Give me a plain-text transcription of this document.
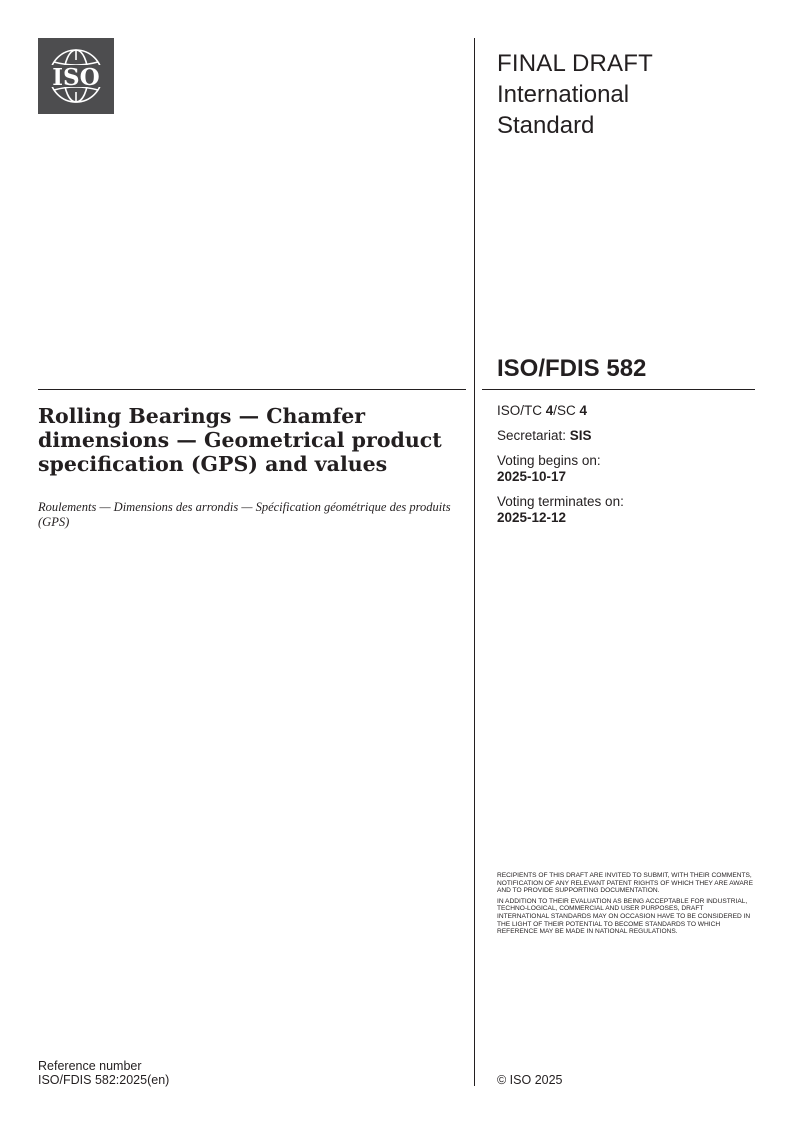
ISO
FINAL DRAFT
International
Standard
ISO/FDIS 582
Rolling Bearings — Chamfer dimensions — Geometrical product specification (GPS) and values
Roulements — Dimensions des arrondis — Spécification géométrique des produits (GPS)
ISO/TC 4/SC 4
Secretariat: SIS
Voting begins on:
2025-10-17
Voting terminates on:
2025-12-12

RECIPIENTS OF THIS DRAFT ARE INVITED TO SUBMIT, WITH THEIR COMMENTS, NOTIFICATION OF ANY RELEVANT PATENT RIGHTS OF WHICH THEY ARE AWARE AND TO PROVIDE SUPPORTING DOCUMENTATION.

IN ADDITION TO THEIR EVALUATION AS BEING ACCEPTABLE FOR INDUSTRIAL, TECHNO-LOGICAL, COMMERCIAL AND USER PURPOSES, DRAFT INTERNATIONAL STANDARDS MAY ON OCCASION HAVE TO BE CONSIDERED IN THE LIGHT OF THEIR POTENTIAL TO BECOME STANDARDS TO WHICH REFERENCE MAY BE MADE IN NATIONAL REGULATIONS.

Reference number
ISO/FDIS 582:2025(en)	© ISO 2025
